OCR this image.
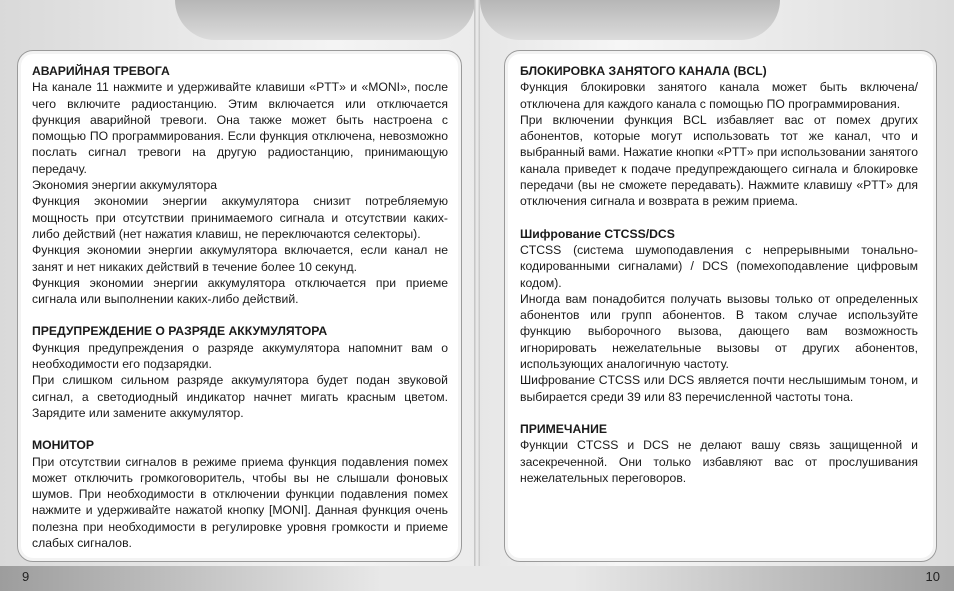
АВАРИЙНАЯ ТРЕВОГА

На канале 11 нажмите и удерживайте клавиши «PTT» и «MONI», после чего включите радиостанцию. Этим включается или отключается функция аварийной тревоги. Она также может быть настроена с помощью ПО программирования. Если функция отключена, невозможно послать сигнал тревоги на другую радиостанцию, принимающую передачу.

Экономия энергии аккумулятора

Функция экономии энергии аккумулятора снизит потребляемую мощность при отсутствии принимаемого сигнала и отсутствии каких-либо действий (нет нажатия клавиш, не переключаются селекторы).

Функция экономии энергии аккумулятора включается, если канал не занят и нет никаких действий в течение более 10 секунд.

Функция экономии энергии аккумулятора отключается при приеме сигнала или выполнении каких-либо действий.

ПРЕДУПРЕЖДЕНИЕ О РАЗРЯДЕ АККУМУЛЯТОРА

Функция предупреждения о разряде аккумулятора напомнит вам о необходимости его подзарядки.

При слишком сильном разряде аккумулятора будет подан звуковой сигнал, а светодиодный индикатор начнет мигать красным цветом. Зарядите или замените аккумулятор.

МОНИТОР

При отсутствии сигналов в режиме приема функция подавления помех может отключить громкоговоритель, чтобы вы не слышали фоновых шумов. При необходимости в отключении функции подавления помех нажмите и удерживайте нажатой кнопку [MONI]. Данная функция очень полезна при необходимости в регулировке уровня громкости и приеме слабых сигналов.

БЛОКИРОВКА ЗАНЯТОГО КАНАЛА (BCL)

Функция блокировки занятого канала может быть включена/ отключена для каждого канала с помощью ПО программирования.

При включении функция BCL избавляет вас от помех других абонентов, которые могут использовать тот же канал, что и выбранный вами. Нажатие кнопки «PTT» при использовании занятого канала приведет к подаче предупреждающего сигнала и блокировке передачи (вы не сможете передавать). Нажмите клавишу «PTT» для отключения сигнала и возврата в режим приема.

Шифрование CTCSS/DCS

CTCSS (система шумоподавления с непрерывными тонально-кодированными сигналами) / DCS (помехоподавление цифровым кодом).

Иногда вам понадобится получать вызовы только от определенных абонентов или групп абонентов. В таком случае используйте функцию выборочного вызова, дающего вам возможность игнорировать нежелательные вызовы от других абонентов, использующих аналогичную частоту.

Шифрование CTCSS или DCS является почти неслышимым тоном, и выбирается среди 39 или 83 перечисленной частоты тона.

ПРИМЕЧАНИЕ

Функции CTCSS и DCS не делают вашу связь защищенной и засекреченной. Они только избавляют вас от прослушивания нежелательных переговоров.

9	10
